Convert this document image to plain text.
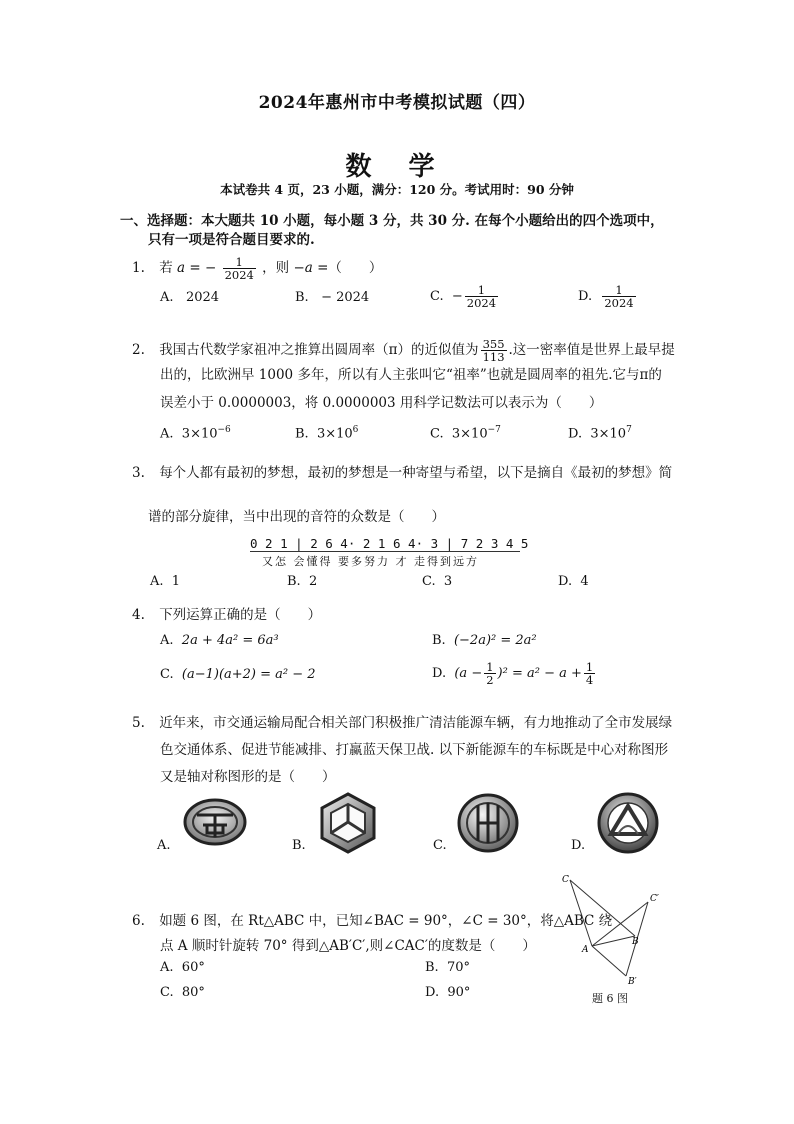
2024年惠州市中考模拟试题（四）
数 学
本试卷共 4 页，23 小题，满分：120 分。考试用时：90 分钟
一、选择题：本大题共 10 小题，每小题 3 分，共 30 分. 在每个小题给出的四个选项中，
只有一项是符合题目要求的.
1. 若 a = − $\frac{1}{2024}$ ，则 −a =（　　）
A. 2024	B. − 2024	C. − $\frac{1}{2024}$	D. $\frac{1}{2024}$
2. 我国古代数学家祖冲之推算出圆周率（π）的近似值为 $\frac{355}{113}$ .这一密率值是世界上最早提
出的，比欧洲早 1000 多年，所以有人主张叫它“祖率”也就是圆周率的祖先.它与π的
误差小于 0.0000003，将 0.0000003 用科学记数法可以表示为（　　）
A. $3\times 10^{-6}$	B. $3\times 10^6$	C. $3\times 10^{-7}$	D. $3\times 10^7$
3. 每个人都有最初的梦想，最初的梦想是一种寄望与希望，以下是摘自《最初的梦想》简
谱的部分旋律，当中出现的音符的众数是（　　）
0 2 1 | 2 6 4· 2 1 6 4· 3 | 7 2 3 4 5
又怎 会懂得 要多努力 才 走得到远方
A. 1	B. 2	C. 3	D. 4
4. 下列运算正确的是（　　）
A. 2a + 4a² = 6a³	B. (−2a)² = 2a²
C. (a−1)(a+2) = a² − 2	D. $(a - \frac{1}{2} )^2 = a^2 - a + \frac{1}{4}$
5. 近年来，市交通运输局配合相关部门积极推广清洁能源车辆，有力地推动了全市发展绿
色交通体系、促进节能减排、打赢蓝天保卫战. 以下新能源车的车标既是中心对称图形
又是轴对称图形的是（　　）
A.	B.	C.	D.
6. 如题 6 图，在 Rt△ABC 中，已知∠BAC = 90°，∠C = 30°，将△ABC 绕
点 A 顺时针旋转 70° 得到△AB′C′,则∠CAC′的度数是（　　）
A. 60°	B. 70°
C. 80°	D. 90°
C
C′
A
B
B′
题 6 图
